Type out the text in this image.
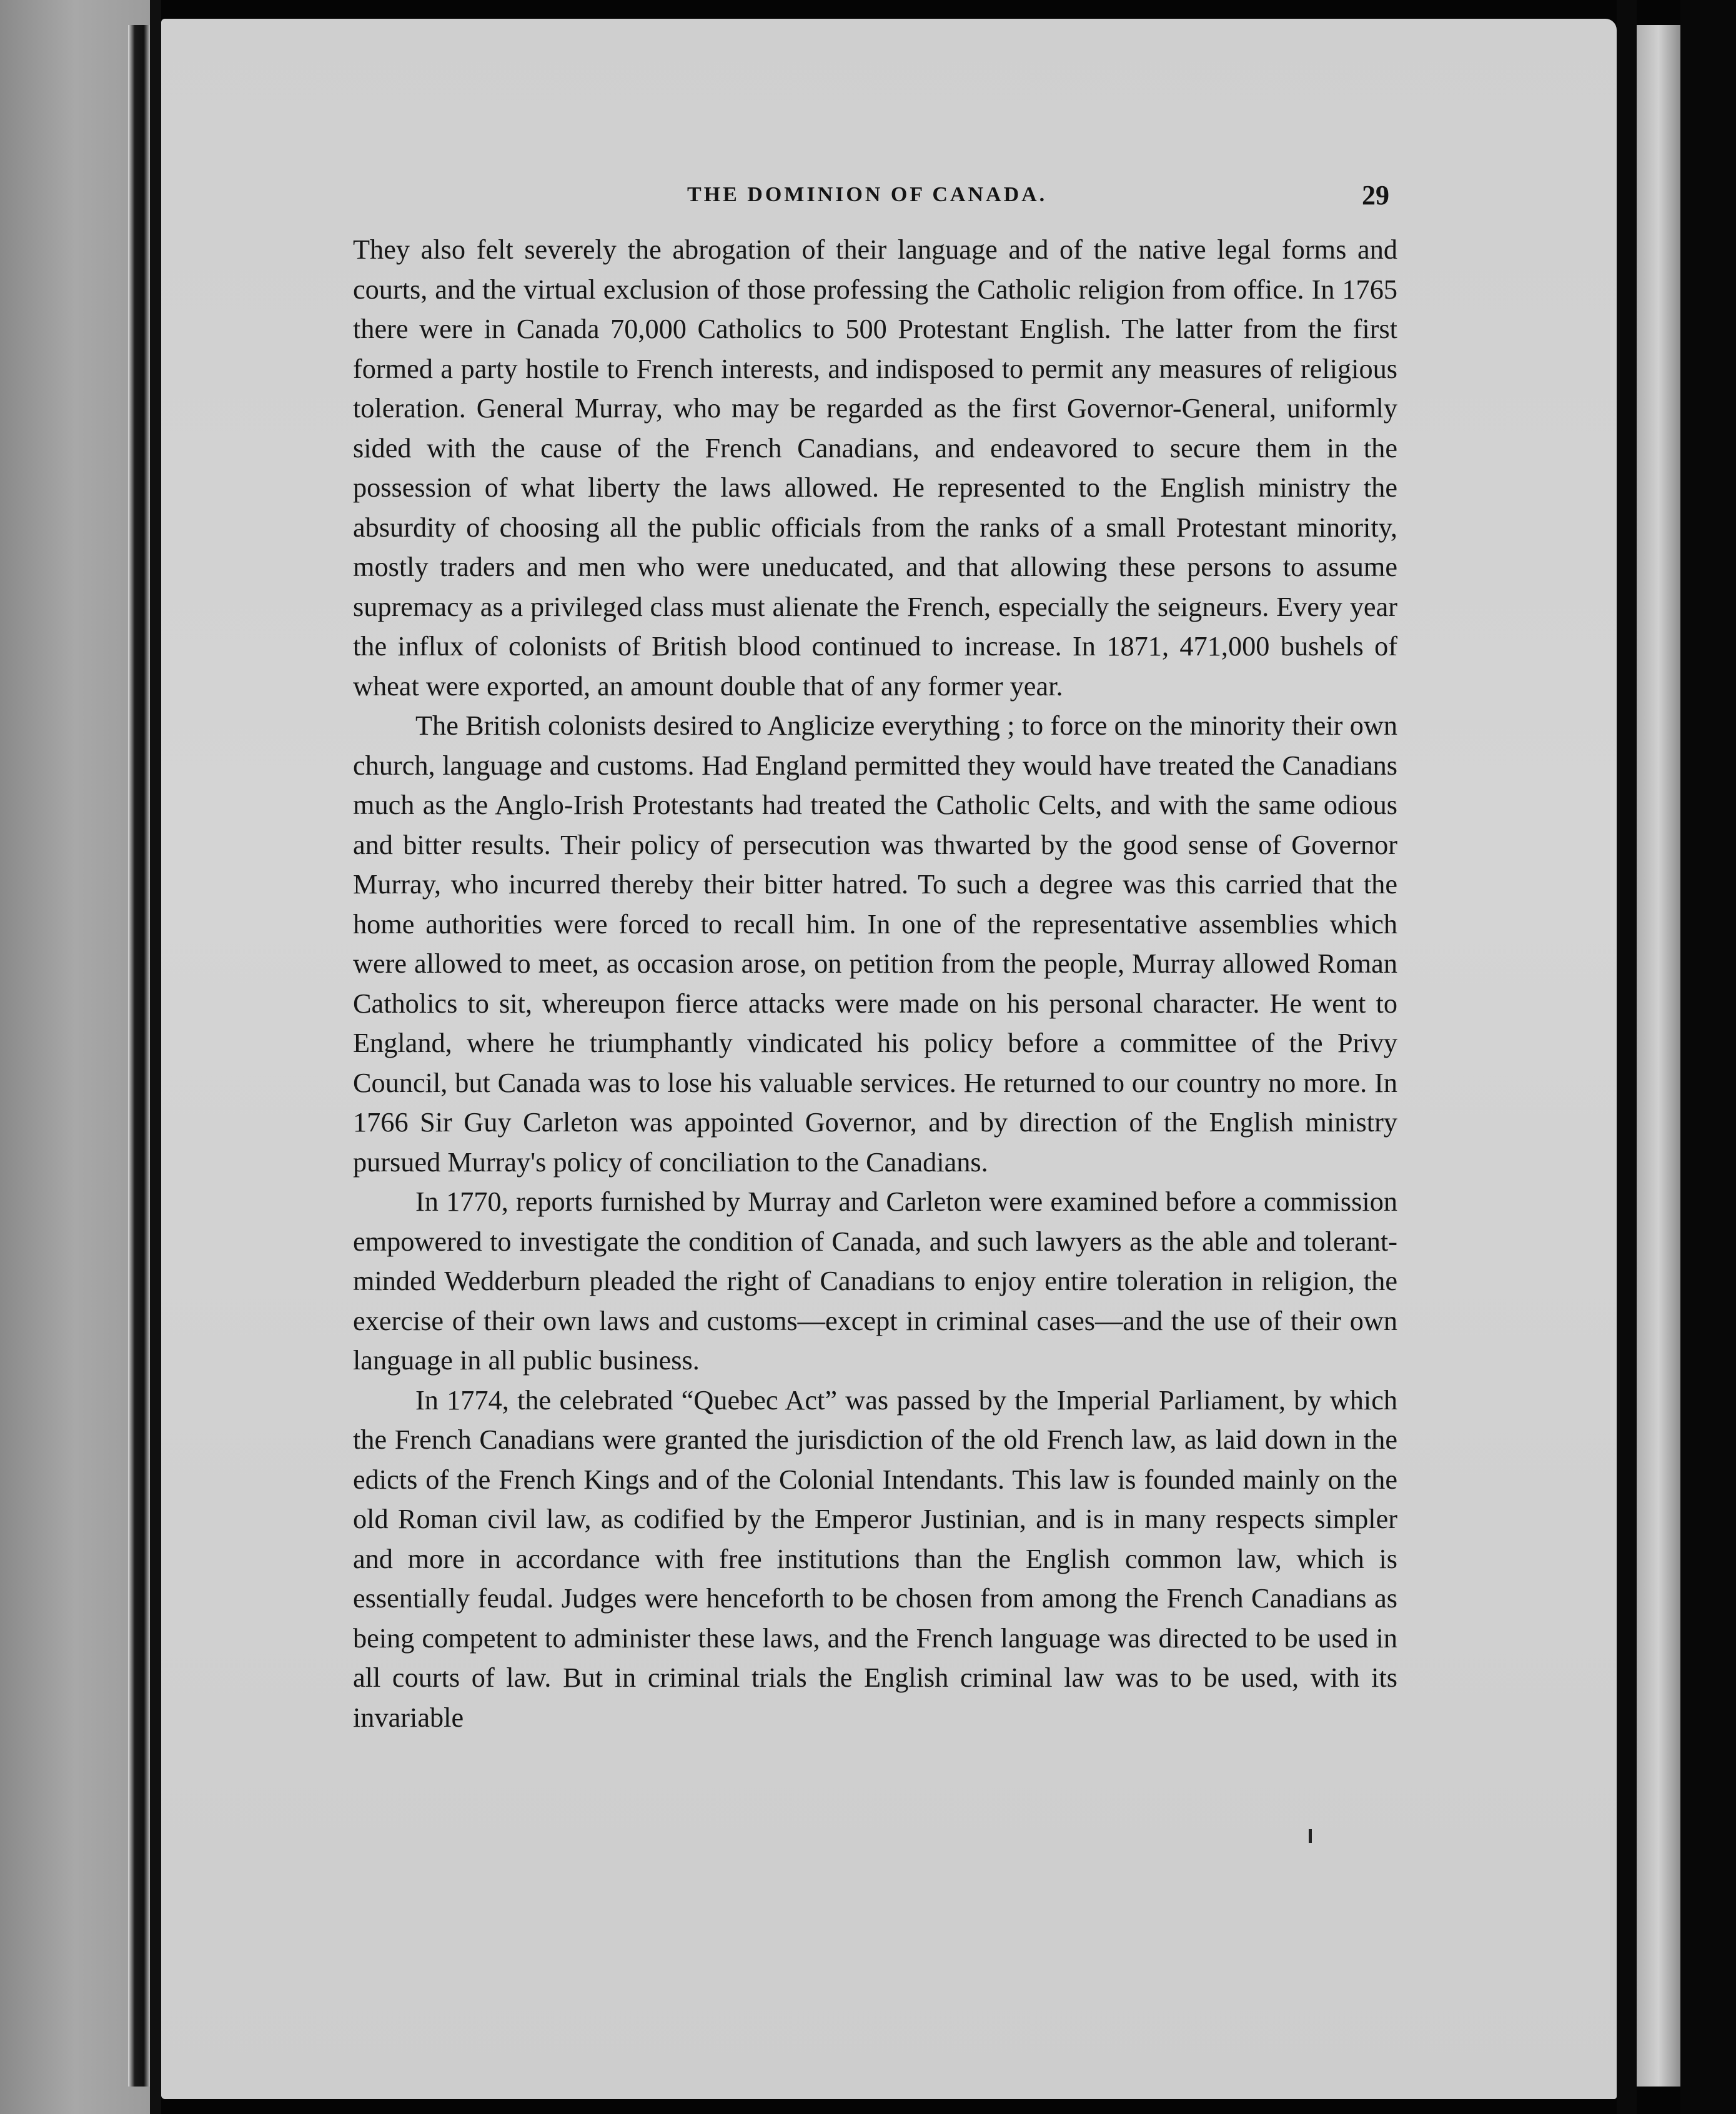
THE DOMINION OF CANADA.	29

They also felt severely the abrogation of their language and of the native legal forms and courts, and the virtual exclusion of those professing the Catholic religion from office. In 1765 there were in Canada 70,000 Catholics to 500 Protestant English. The latter from the first formed a party hostile to French interests, and indisposed to permit any measures of religious toleration. General Murray, who may be regarded as the first Governor-General, uniformly sided with the cause of the French Canadians, and endeavored to secure them in the possession of what liberty the laws allowed. He represented to the English ministry the absurdity of choosing all the public officials from the ranks of a small Protestant minority, mostly traders and men who were uneducated, and that allowing these persons to assume supremacy as a privileged class must alienate the French, especially the seigneurs. Every year the influx of colonists of British blood continued to increase. In 1871, 471,000 bushels of wheat were exported, an amount double that of any former year.

The British colonists desired to Anglicize everything ; to force on the minority their own church, language and customs. Had England permitted they would have treated the Canadians much as the Anglo-Irish Protestants had treated the Catholic Celts, and with the same odious and bitter results. Their policy of persecution was thwarted by the good sense of Governor Murray, who incurred thereby their bitter hatred. To such a degree was this carried that the home authorities were forced to recall him. In one of the representative assemblies which were allowed to meet, as occasion arose, on petition from the people, Murray allowed Roman Catholics to sit, whereupon fierce attacks were made on his personal character. He went to England, where he triumphantly vindicated his policy before a committee of the Privy Council, but Canada was to lose his valuable services. He returned to our country no more. In 1766 Sir Guy Carleton was appointed Governor, and by direction of the English ministry pursued Murray's policy of conciliation to the Canadians.

In 1770, reports furnished by Murray and Carleton were examined before a commission empowered to investigate the condition of Canada, and such lawyers as the able and tolerant-minded Wedderburn pleaded the right of Canadians to enjoy entire toleration in religion, the exercise of their own laws and customs—except in criminal cases—and the use of their own language in all public business.

In 1774, the celebrated “Quebec Act” was passed by the Imperial Parliament, by which the French Canadians were granted the jurisdiction of the old French law, as laid down in the edicts of the French Kings and of the Colonial Intendants. This law is founded mainly on the old Roman civil law, as codified by the Emperor Justinian, and is in many respects simpler and more in accordance with free institutions than the English common law, which is essentially feudal. Judges were henceforth to be chosen from among the French Canadians as being competent to administer these laws, and the French language was directed to be used in all courts of law. But in criminal trials the English criminal law was to be used, with its invariable
